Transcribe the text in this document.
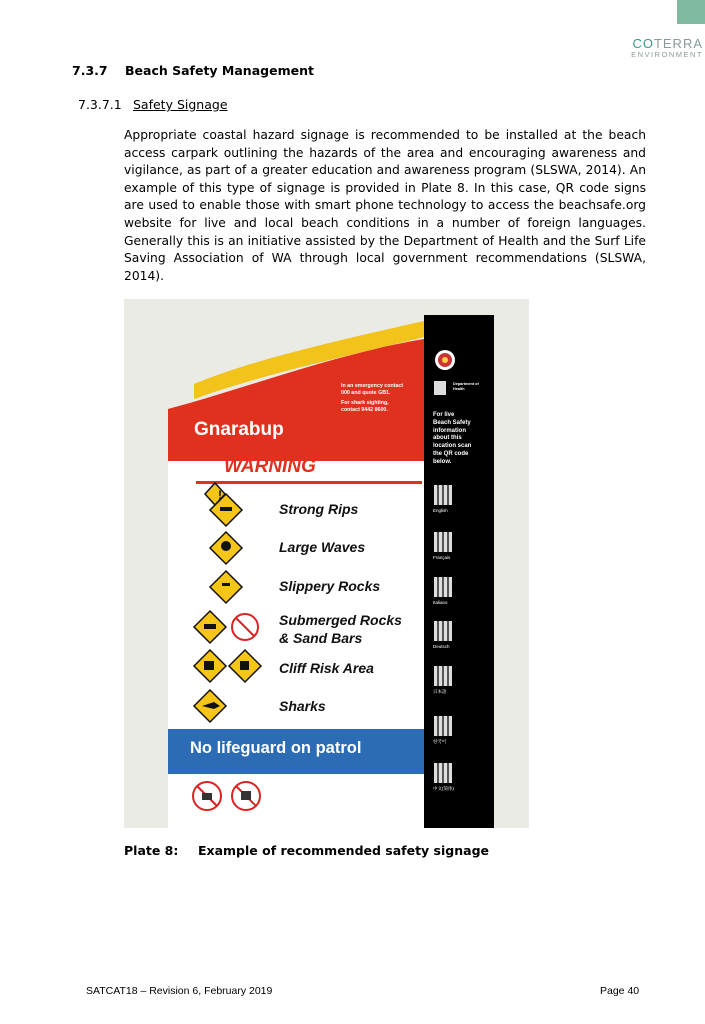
COTERRA
ENVIRONMENT
7.3.7 Beach Safety Management
7.3.7.1 Safety Signage
Appropriate coastal hazard signage is recommended to be installed at the beach access carpark outlining the hazards of the area and encouraging awareness and vigilance, as part of a greater education and awareness program (SLSWA, 2014). An example of this type of signage is provided in Plate 8. In this case, QR code signs are used to enable those with smart phone technology to access the beachsafe.org website for live and local beach conditions in a number of foreign languages. Generally this is an initiative assisted by the Department of Health and the Surf Life Saving Association of WA through local government recommendations (SLSWA, 2014).
!
In an emergency contact
000 and quote GB1.
For shark sighting,
contact 9442 8600.
Gnarabup
WARNING
Strong Rips
Large Waves
Slippery Rocks
Submerged Rocks
& Sand Bars
Cliff Risk Area
Sharks
No lifeguard on patrol
Department of
Health
For live
Beach Safety
information
about this
location scan
the QR code
below.
English
Français
Italiano
Deutsch
日本語
한국어
中文(简体)
Plate 8: Example of recommended safety signage
SATCAT18 – Revision 6, February 2019	Page 40
